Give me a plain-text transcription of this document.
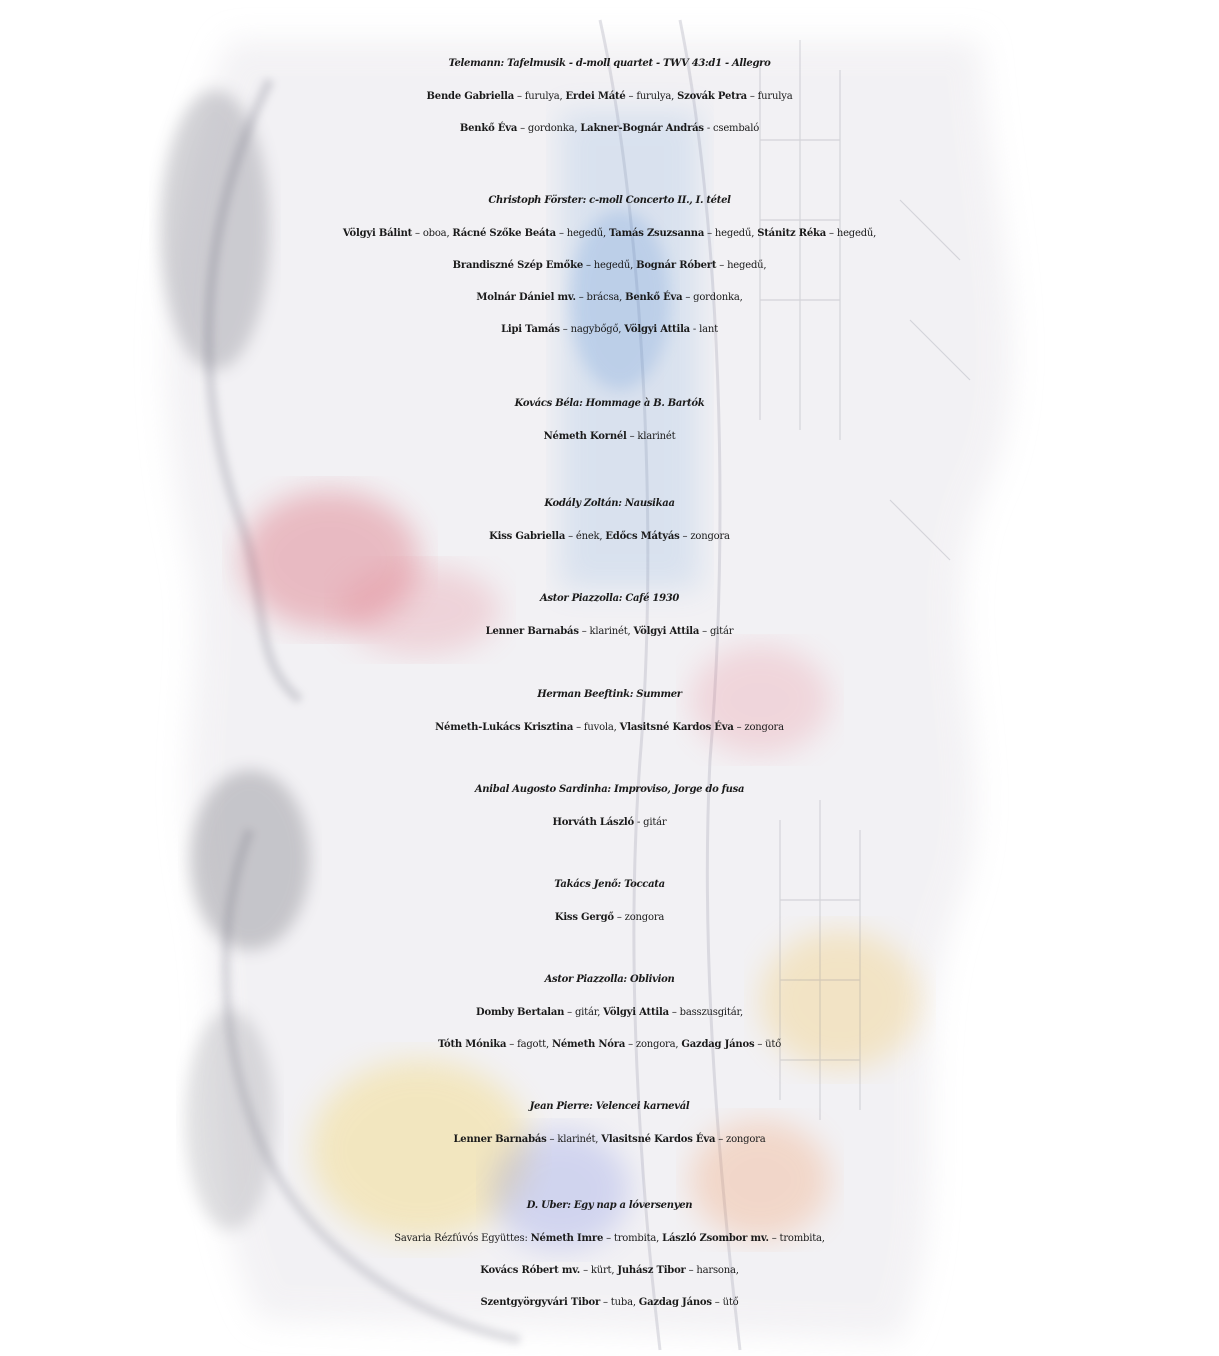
Telemann: Tafelmusik - d-moll quartet - TWV 43:d1 - Allegro
Bende Gabriella – furulya, Erdei Máté – furulya, Szovák Petra – furulya
Benkő Éva – gordonka, Lakner-Bognár András - csembaló
Christoph Förster: c-moll Concerto II., I. tétel
Völgyi Bálint – oboa, Rácné Szőke Beáta – hegedű, Tamás Zsuzsanna – hegedű, Stánitz Réka – hegedű,
Brandiszné Szép Emőke – hegedű, Bognár Róbert – hegedű,
Molnár Dániel mv. – brácsa, Benkő Éva – gordonka,
Lipi Tamás – nagybőgő, Völgyi Attila - lant
Kovács Béla: Hommage à B. Bartók
Németh Kornél – klarinét
Kodály Zoltán: Nausikaa
Kiss Gabriella – ének, Edőcs Mátyás – zongora
Astor Piazzolla: Café 1930
Lenner Barnabás – klarinét, Völgyi Attila – gitár
Herman Beeftink: Summer
Németh-Lukács Krisztina – fuvola, Vlasitsné Kardos Éva – zongora
Anibal Augosto Sardinha: Improviso, Jorge do fusa
Horváth László - gitár
Takács Jenő: Toccata
Kiss Gergő – zongora
Astor Piazzolla: Oblivion
Domby Bertalan – gitár, Völgyi Attila – basszusgitár,
Tóth Mónika – fagott, Németh Nóra – zongora, Gazdag János – ütő
Jean Pierre: Velencei karnevál
Lenner Barnabás – klarinét, Vlasitsné Kardos Éva – zongora
D. Uber: Egy nap a lóversenyen
Savaria Rézfúvós Együttes: Németh Imre – trombita, László Zsombor mv. – trombita,
Kovács Róbert mv. – kürt, Juhász Tibor – harsona,
Szentgyörgyvári Tibor – tuba, Gazdag János – ütő
